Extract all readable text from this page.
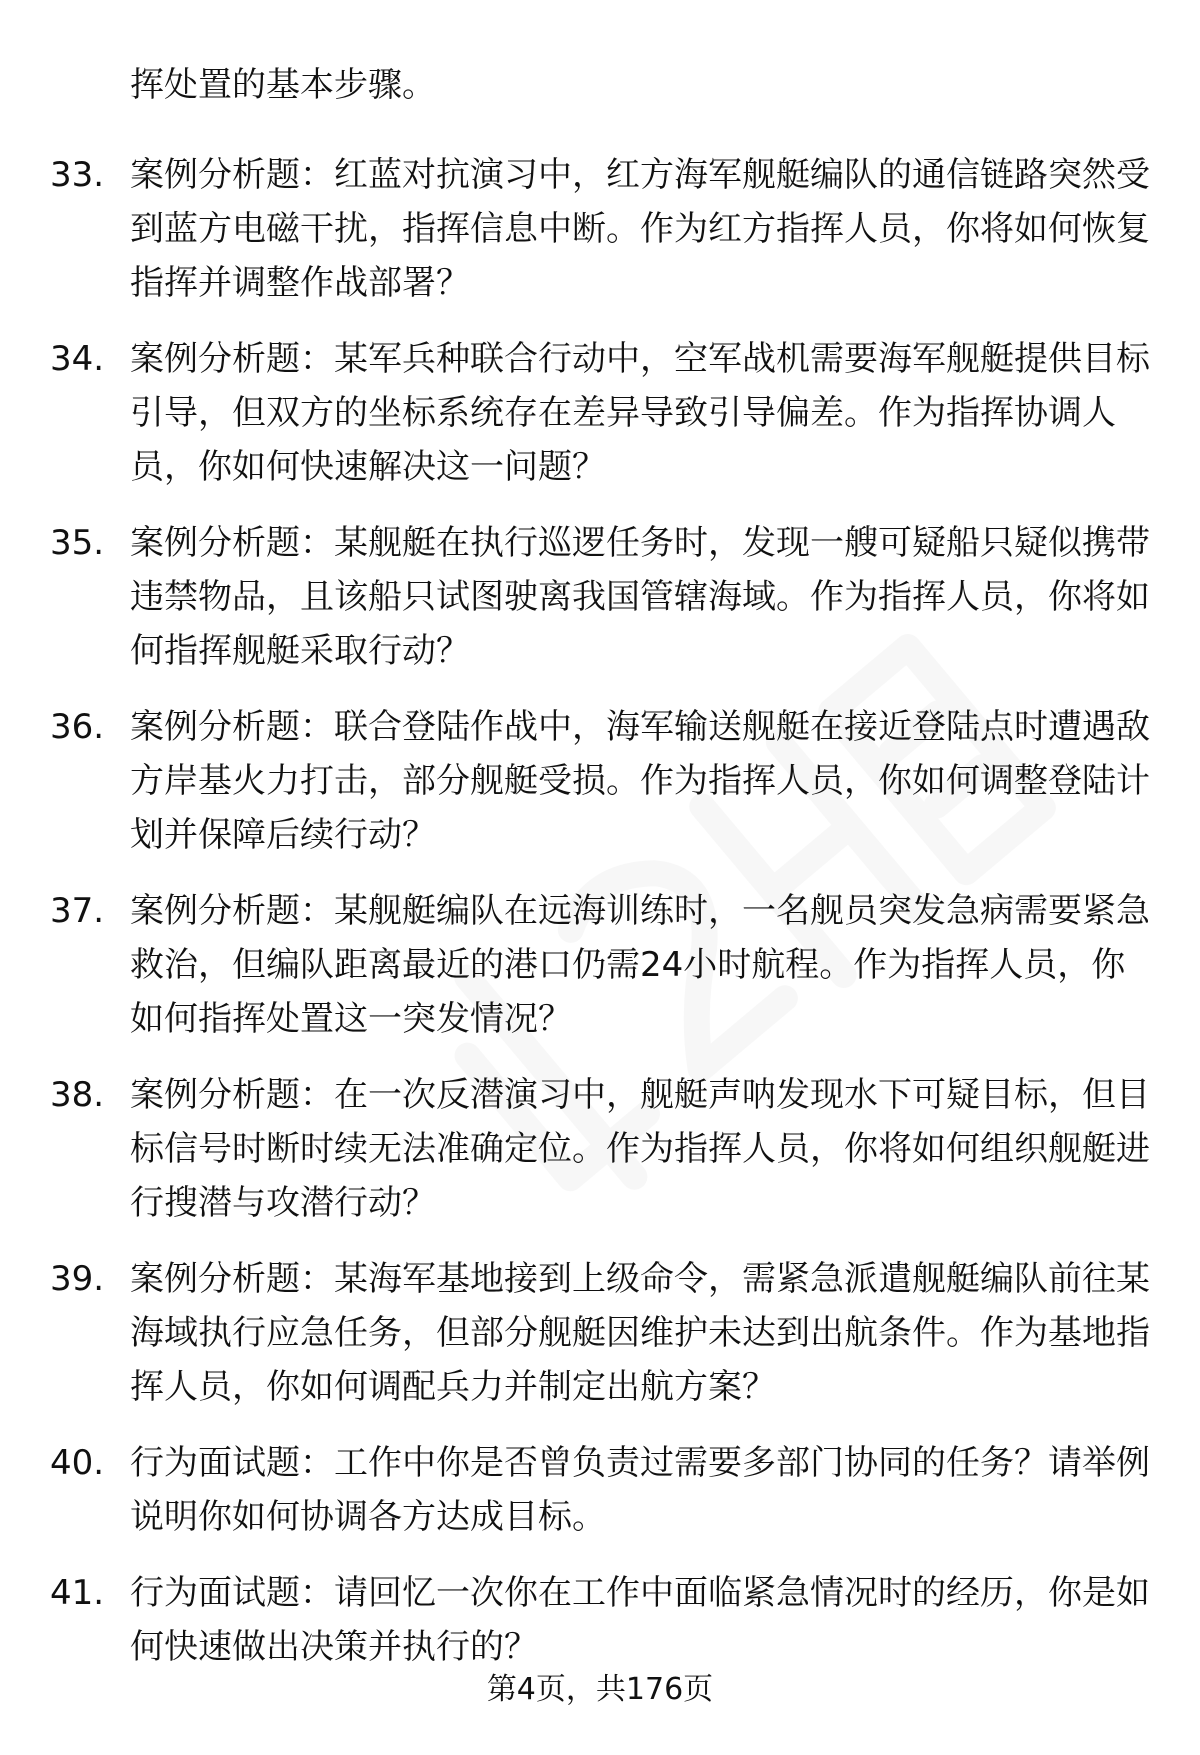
挥处置的基本步骤。

33. 案例分析题：红蓝对抗演习中，红方海军舰艇编队的通信链路突然受到蓝方电磁干扰，指挥信息中断。作为红方指挥人员，你将如何恢复指挥并调整作战部署？
34. 案例分析题：某军兵种联合行动中，空军战机需要海军舰艇提供目标引导，但双方的坐标系统存在差异导致引导偏差。作为指挥协调人员，你如何快速解决这一问题？
35. 案例分析题：某舰艇在执行巡逻任务时，发现一艘可疑船只疑似携带违禁物品，且该船只试图驶离我国管辖海域。作为指挥人员，你将如何指挥舰艇采取行动？
36. 案例分析题：联合登陆作战中，海军输送舰艇在接近登陆点时遭遇敌方岸基火力打击，部分舰艇受损。作为指挥人员，你如何调整登陆计划并保障后续行动？
37. 案例分析题：某舰艇编队在远海训练时，一名舰员突发急病需要紧急救治，但编队距离最近的港口仍需24小时航程。作为指挥人员，你如何指挥处置这一突发情况？
38. 案例分析题：在一次反潜演习中，舰艇声呐发现水下可疑目标，但目标信号时断时续无法准确定位。作为指挥人员，你将如何组织舰艇进行搜潜与攻潜行动？
39. 案例分析题：某海军基地接到上级命令，需紧急派遣舰艇编队前往某海域执行应急任务，但部分舰艇因维护未达到出航条件。作为基地指挥人员，你如何调配兵力并制定出航方案？
40. 行为面试题：工作中你是否曾负责过需要多部门协同的任务？请举例说明你如何协调各方达成目标。
41. 行为面试题：请回忆一次你在工作中面临紧急情况时的经历，你是如何快速做出决策并执行的？
第4页，共176页
